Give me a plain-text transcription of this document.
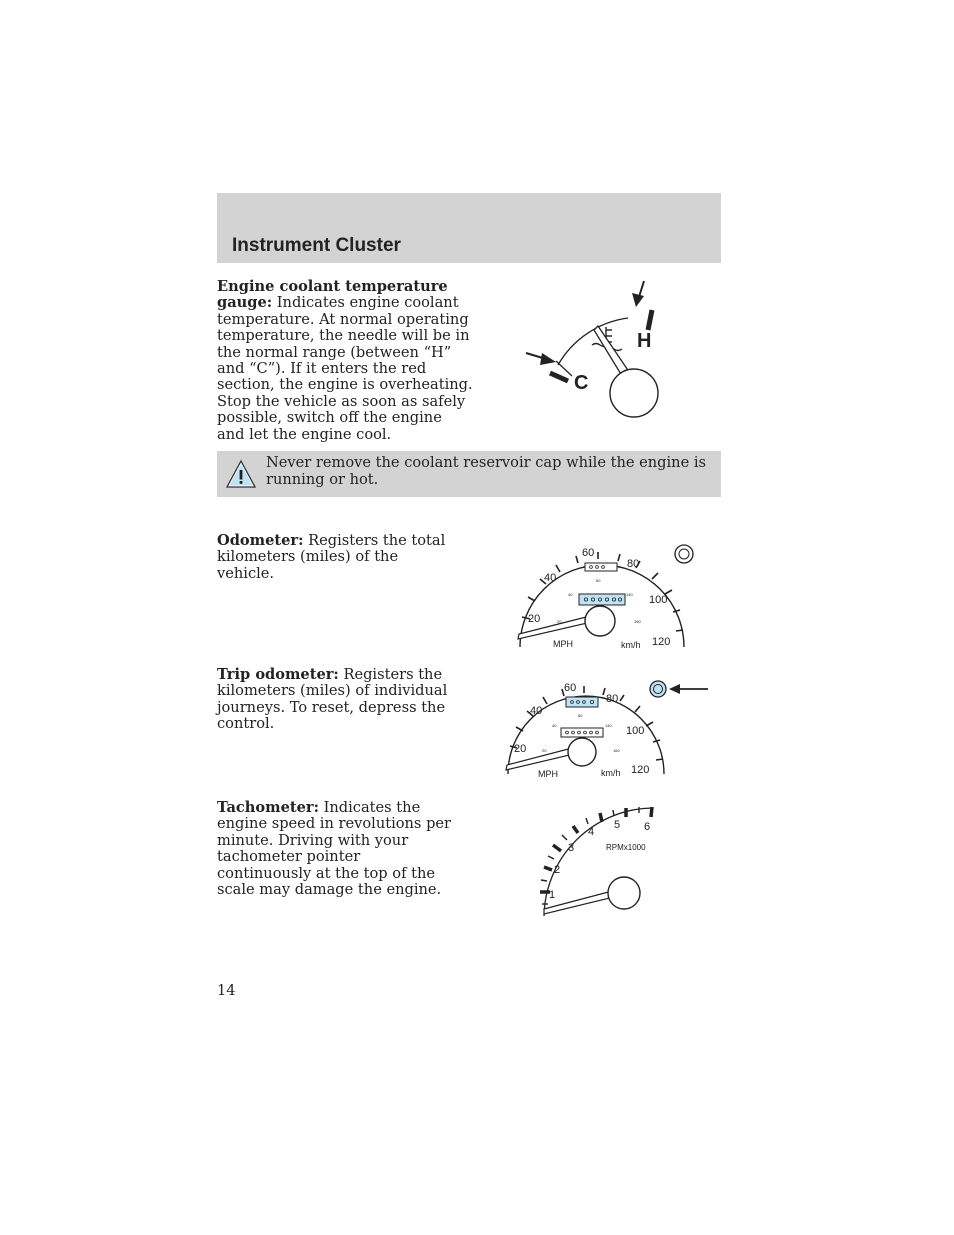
Instrument Cluster
Engine coolant temperature gauge: Indicates engine coolant temperature. At normal operating temperature, the needle will be in the normal range (between “H” and “C”). If it enters the red section, the engine is overheating. Stop the vehicle as soon as safely possible, switch off the engine and let the engine cool.
C
H
Never remove the coolant reservoir cap while the engine is running or hot.
Odometer: Registers the total kilometers (miles) of the vehicle.
20
40
60
80
100
120
MPH	km/h
20
40
60
140
160
Trip odometer: Registers the kilometers (miles) of individual journeys. To reset, depress the control.
20
40
60
80
100
120
MPH	km/h
20
40
60
140
160
Tachometer: Indicates the engine speed in revolutions per minute. Driving with your tachometer pointer continuously at the top of the scale may damage the engine.	1
2
3
4
5 6
RPMx1000
14
